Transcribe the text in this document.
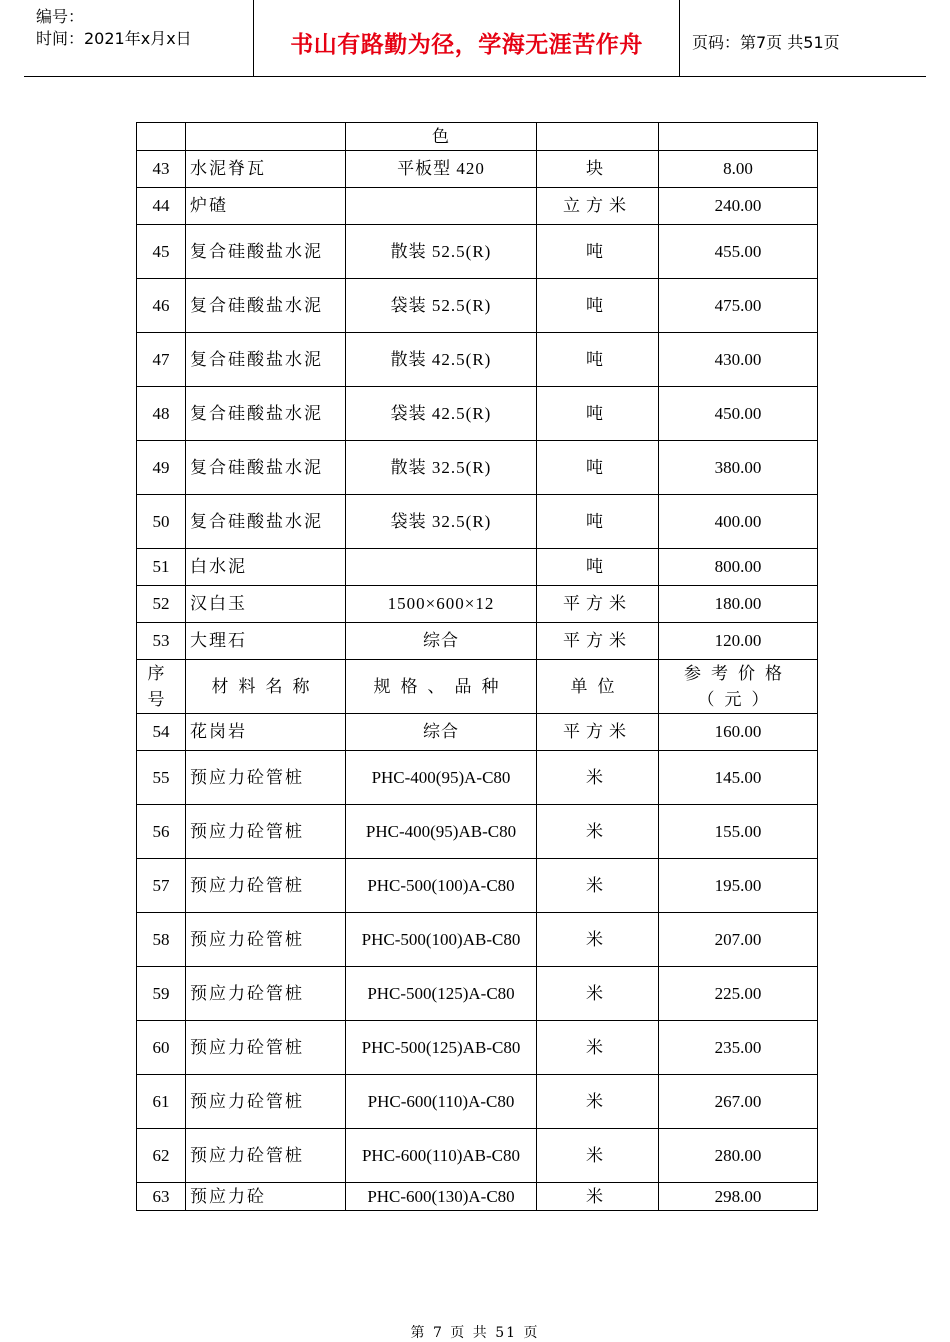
编号：
时间：2021年x月x日	书山有路勤为径，学海无涯苦作舟	页码：第7页 共51页
		色		
43	水泥脊瓦	平板型 420	块	8.00
44	炉碴		立方米	240.00
45	复合硅酸盐水泥	散装 52.5(R)	吨	455.00
46	复合硅酸盐水泥	袋装 52.5(R)	吨	475.00
47	复合硅酸盐水泥	散装 42.5(R)	吨	430.00
48	复合硅酸盐水泥	袋装 42.5(R)	吨	450.00
49	复合硅酸盐水泥	散装 32.5(R)	吨	380.00
50	复合硅酸盐水泥	袋装 32.5(R)	吨	400.00
51	白水泥		吨	800.00
52	汉白玉	1500×600×12	平方米	180.00
53	大理石	综合	平方米	120.00
序号	材料名称	规格、品种	单位	参考价格（元）
54	花岗岩	综合	平方米	160.00
55	预应力砼管桩	PHC-400(95)A-C80	米	145.00
56	预应力砼管桩	PHC-400(95)AB-C80	米	155.00
57	预应力砼管桩	PHC-500(100)A-C80	米	195.00
58	预应力砼管桩	PHC-500(100)AB-C80	米	207.00
59	预应力砼管桩	PHC-500(125)A-C80	米	225.00
60	预应力砼管桩	PHC-500(125)AB-C80	米	235.00
61	预应力砼管桩	PHC-600(110)A-C80	米	267.00
62	预应力砼管桩	PHC-600(110)AB-C80	米	280.00
63	预应力砼	PHC-600(130)A-C80	米	298.00
第 7 页 共 51 页
